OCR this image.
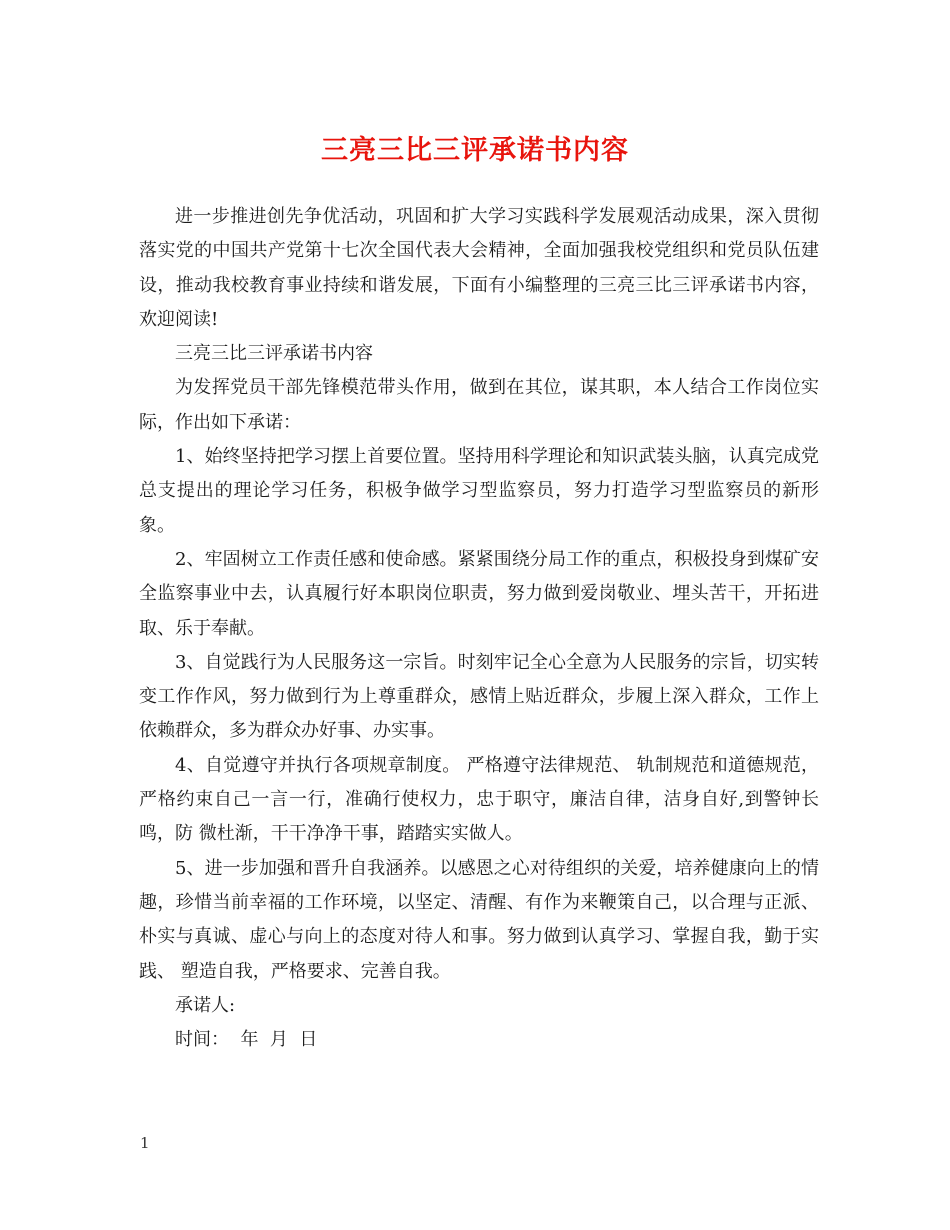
三亮三比三评承诺书内容

进一步推进创先争优活动，巩固和扩大学习实践科学发展观活动成果，深入贯彻落实党的中国共产党第十七次全国代表大会精神，全面加强我校党组织和党员队伍建设，推动我校教育事业持续和谐发展，下面有小编整理的三亮三比三评承诺书内容，欢迎阅读!

三亮三比三评承诺书内容

为发挥党员干部先锋模范带头作用，做到在其位，谋其职，本人结合工作岗位实际，作出如下承诺：

1、始终坚持把学习摆上首要位置。坚持用科学理论和知识武装头脑，认真完成党总支提出的理论学习任务，积极争做学习型监察员，努力打造学习型监察员的新形象。

2、牢固树立工作责任感和使命感。紧紧围绕分局工作的重点，积极投身到煤矿安全监察事业中去，认真履行好本职岗位职责，努力做到爱岗敬业、埋头苦干，开拓进取、乐于奉献。

3、自觉践行为人民服务这一宗旨。时刻牢记全心全意为人民服务的宗旨，切实转变工作作风，努力做到行为上尊重群众，感情上贴近群众，步履上深入群众，工作上依赖群众，多为群众办好事、办实事。

4、自觉遵守并执行各项规章制度。 严格遵守法律规范、 轨制规范和道德规范，严格约束自己一言一行，准确行使权力，忠于职守，廉洁自律，洁身自好,到警钟长鸣，防 微杜渐，干干净净干事，踏踏实实做人。

5、进一步加强和晋升自我涵养。以感恩之心对待组织的关爱，培养健康向上的情趣，珍惜当前幸福的工作环境，以坚定、清醒、有作为来鞭策自己，以合理与正派、朴实与真诚、虚心与向上的态度对待人和事。努力做到认真学习、掌握自我，勤于实践、 塑造自我，严格要求、完善自我。

承诺人:

时间：  年  月  日

1
